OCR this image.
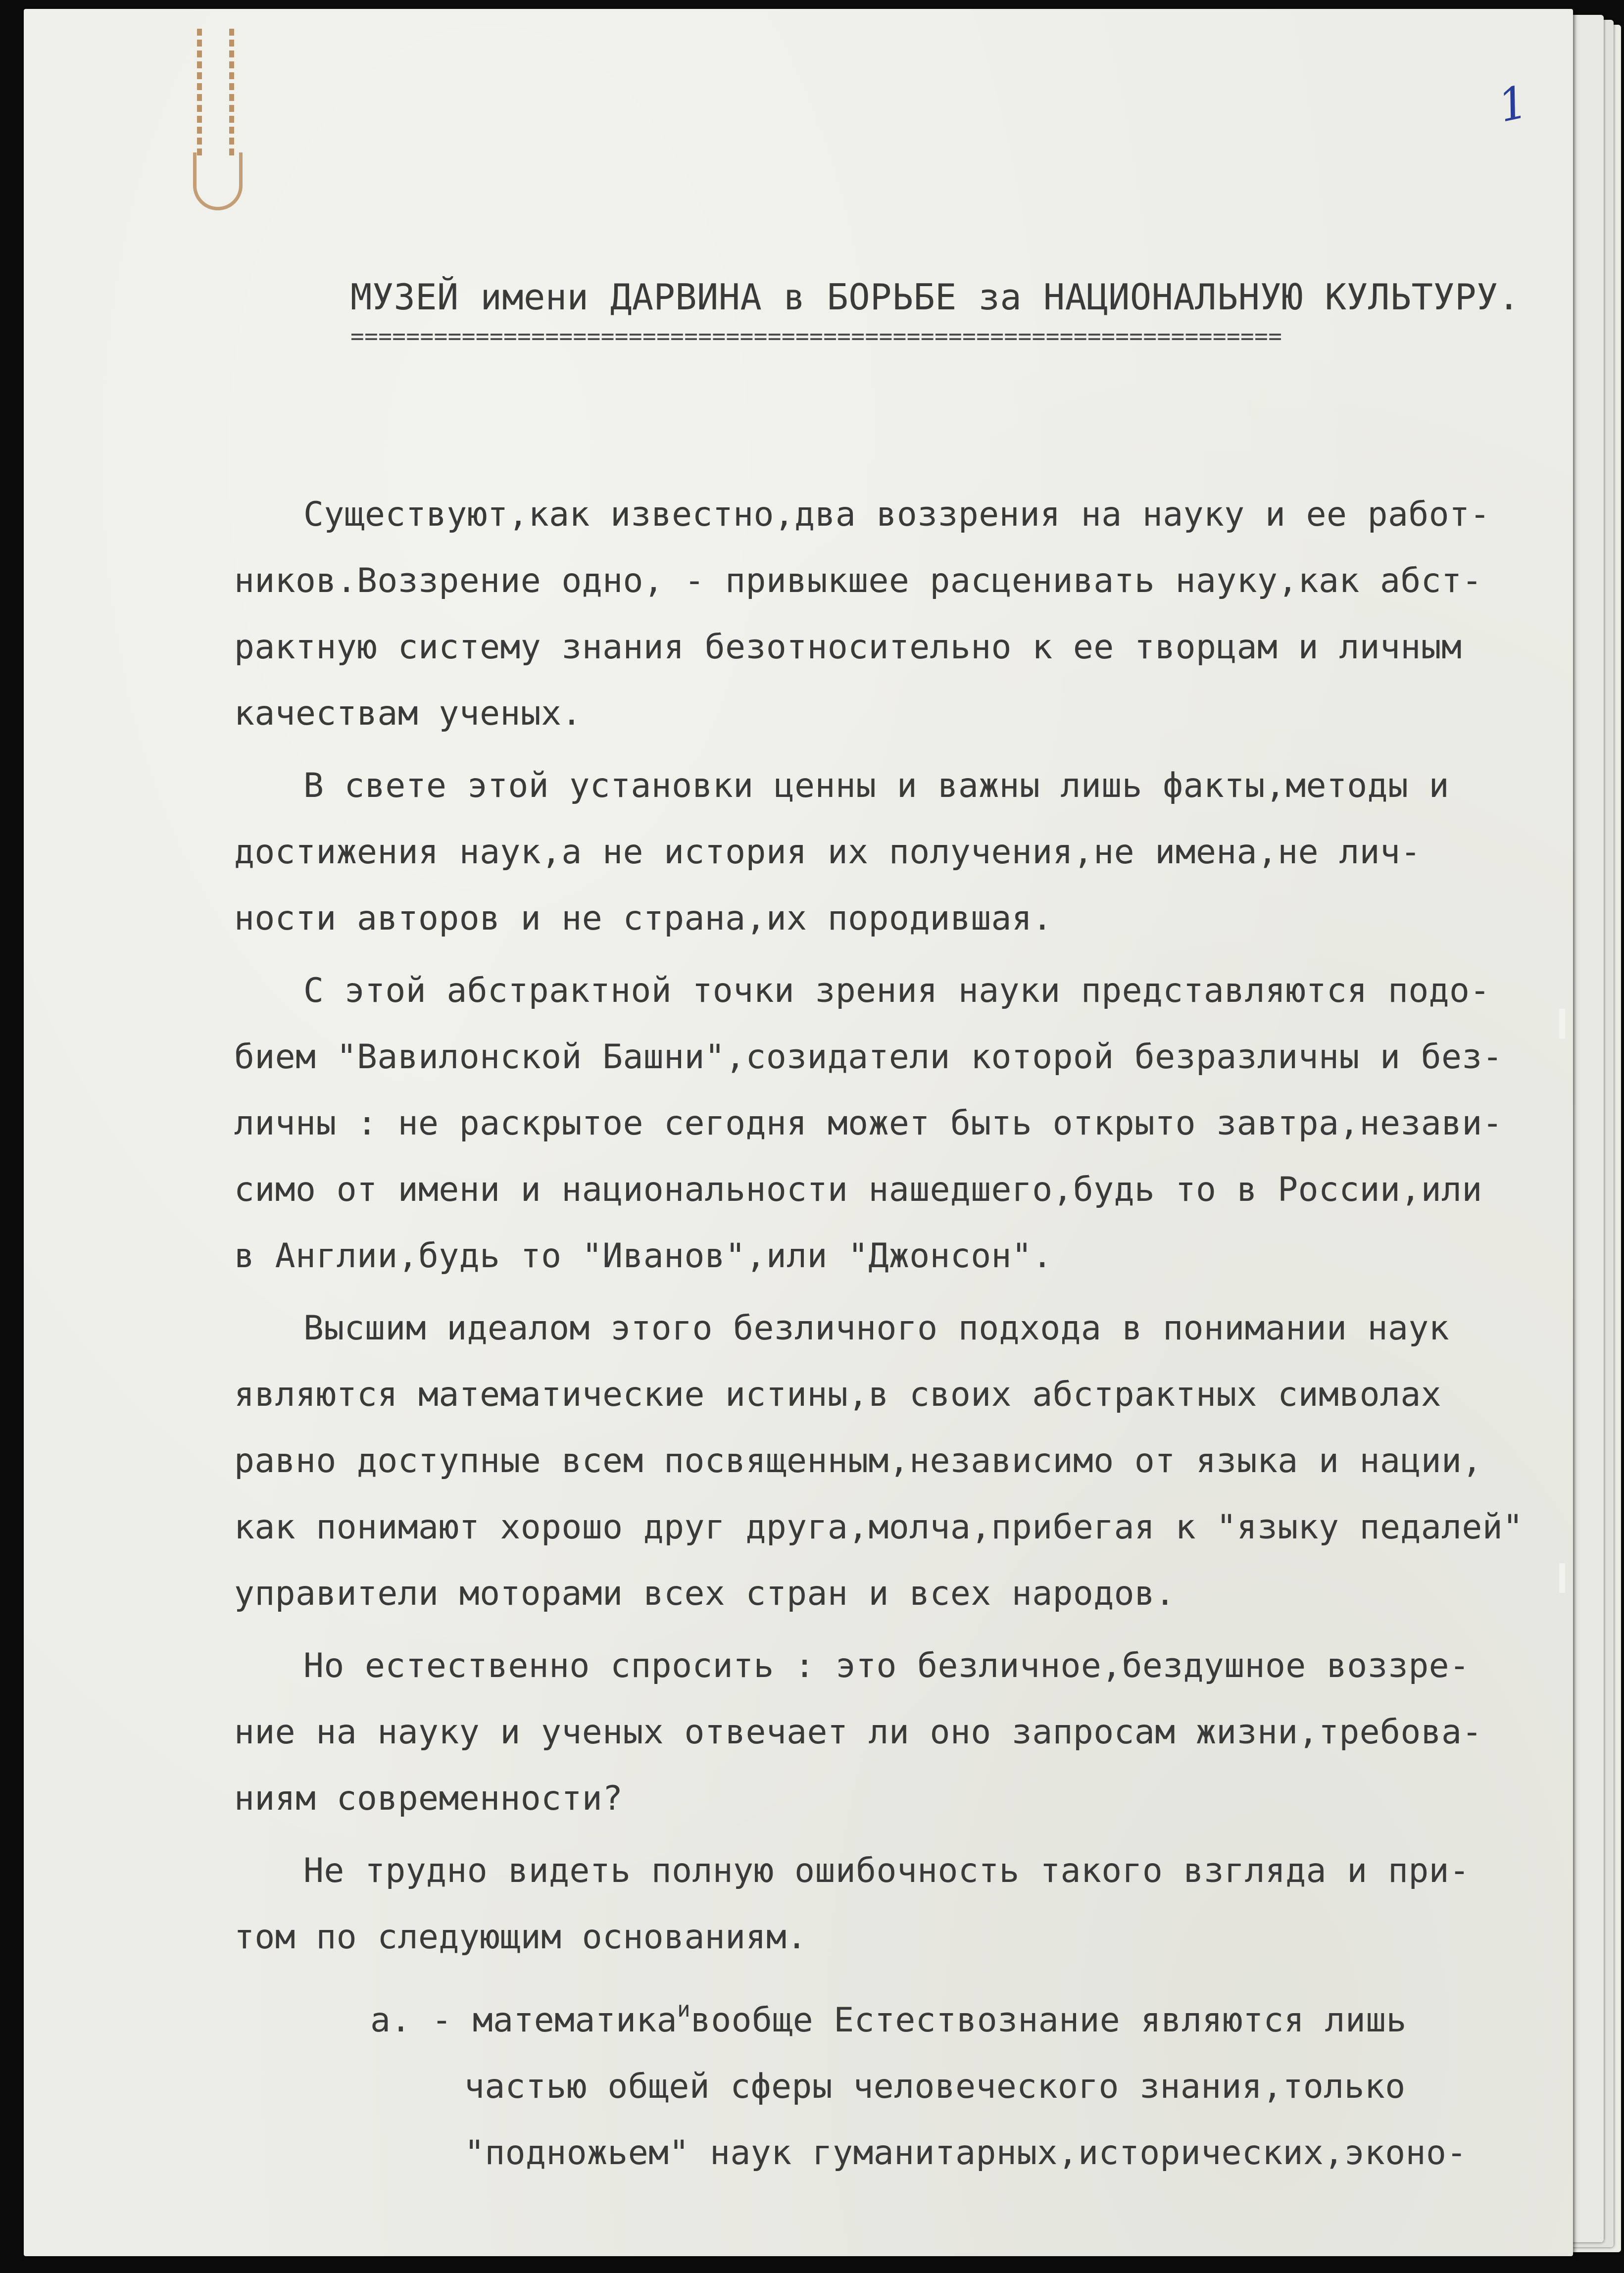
1
МУЗЕЙ имени ДАРВИНА в БОРЬБЕ за НАЦИОНАЛЬНУЮ КУЛЬТУРУ.
===================================================================

Существуют,как известно,два воззрения на науку и ее работ-

ников.Воззрение одно, - привыкшее расценивать науку,как абст-

рактную систему знания безотносительно к ее творцам и личным

качествам ученых.

В свете этой установки ценны и важны лишь факты,методы и

достижения наук,а не история их получения,не имена,не лич-

ности авторов и не страна,их породившая.

С этой абстрактной точки зрения науки представляются подо-

бием "Вавилонской Башни",созидатели которой безразличны и без-

личны : не раскрытое сегодня может быть открыто завтра,незави-

симо от имени и национальности нашедшего,будь то в России,или

в Англии,будь то "Иванов",или "Джонсон".

Высшим идеалом этого безличного подхода в понимании наук

являются математические истины,в своих абстрактных символах

равно доступные всем посвященным,независимо от языка и нации,

как понимают хорошо друг друга,молча,прибегая к "языку педалей"

управители моторами всех стран и всех народов.

Но естественно спросить : это безличное,бездушное воззре-

ние на науку и ученых отвечает ли оно запросам жизни,требова-

ниям современности?

Не трудно видеть полную ошибочность такого взгляда и при-

том по следующим основаниям.

а. - математика$^и$вообще Естествознание являются лишь

частью общей сферы человеческого знания,только

"подножьем" наук гуманитарных,исторических,эконо-
